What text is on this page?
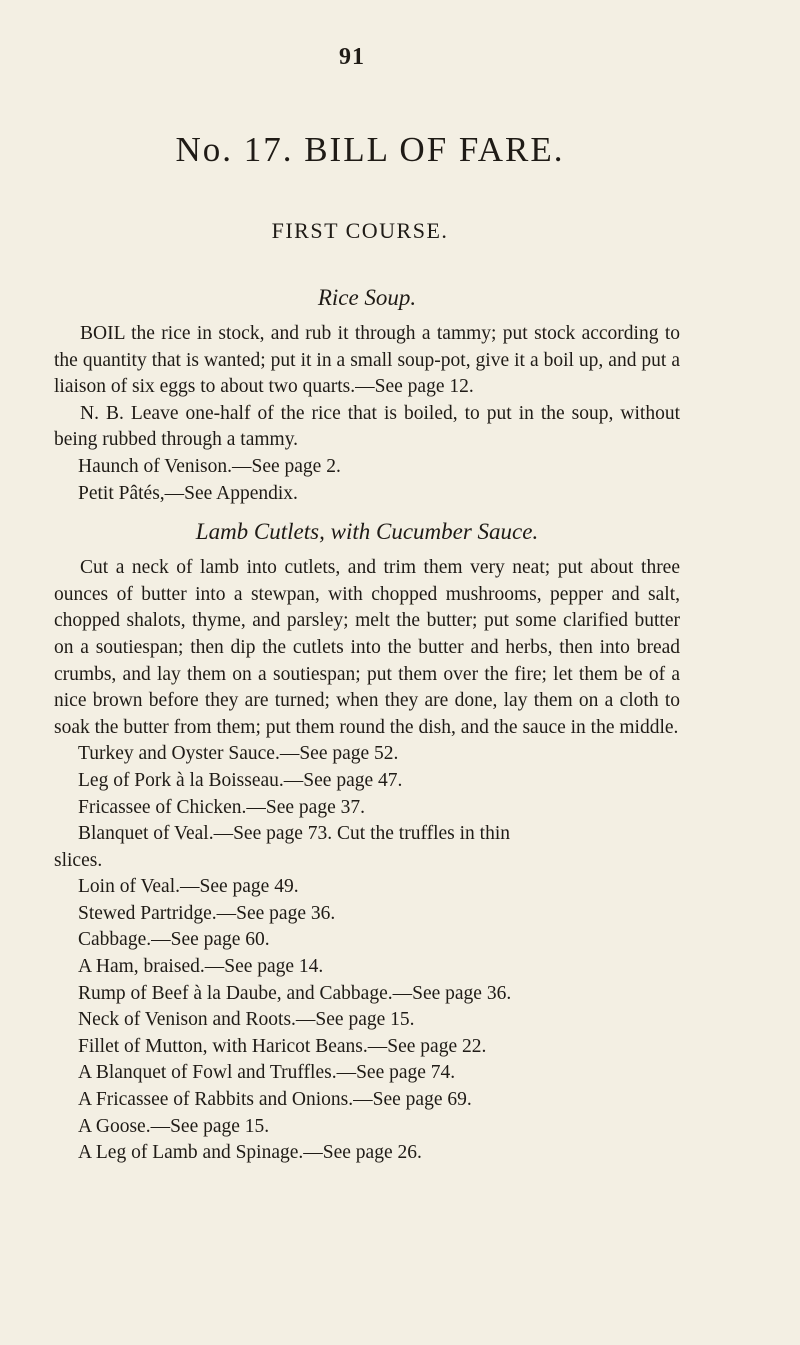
91
No. 17. BILL OF FARE.
FIRST COURSE.
Rice Soup.

BOIL the rice in stock, and rub it through a tammy; put stock according to the quantity that is wanted; put it in a small soup-pot, give it a boil up, and put a liaison of six eggs to about two quarts.—See page 12.

N. B. Leave one-half of the rice that is boiled, to put in the soup, without being rubbed through a tammy.

Haunch of Venison.—See page 2.

Petit Pâtés,—See Appendix.

Lamb Cutlets, with Cucumber Sauce.

Cut a neck of lamb into cutlets, and trim them very neat; put about three ounces of butter into a stewpan, with chopped mushrooms, pepper and salt, chopped shalots, thyme, and parsley; melt the butter; put some clarified butter on a soutiespan; then dip the cutlets into the butter and herbs, then into bread crumbs, and lay them on a soutiespan; put them over the fire; let them be of a nice brown before they are turned; when they are done, lay them on a cloth to soak the butter from them; put them round the dish, and the sauce in the middle.

Turkey and Oyster Sauce.—See page 52.

Leg of Pork à la Boisseau.—See page 47.

Fricassee of Chicken.—See page 37.

Blanquet of Veal.—See page 73. Cut the truffles in thin

slices.

Loin of Veal.—See page 49.

Stewed Partridge.—See page 36.

Cabbage.—See page 60.

A Ham, braised.—See page 14.

Rump of Beef à la Daube, and Cabbage.—See page 36.

Neck of Venison and Roots.—See page 15.

Fillet of Mutton, with Haricot Beans.—See page 22.

A Blanquet of Fowl and Truffles.—See page 74.

A Fricassee of Rabbits and Onions.—See page 69.

A Goose.—See page 15.

A Leg of Lamb and Spinage.—See page 26.
